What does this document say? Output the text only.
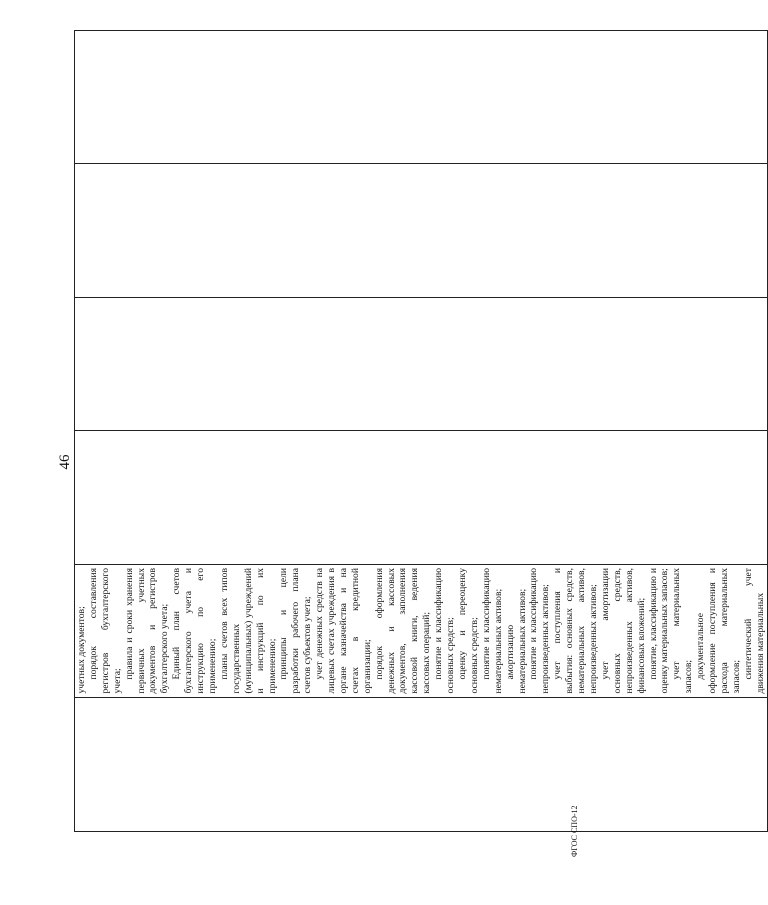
46

учетных документов; порядок составления регистров бухгалтерского учета;

правила и сроки хранения первичных учетных документов и регистров бухгалтерского учета; Единый план счетов бухгалтерского учета и инструкцию по его применению; планы счетов всех типов государственных (муниципальных) учреждений и инструкций по их применению; принципы и цели разработки рабочего плана счетов субъектов учета; учет денежных средств на лицевых счетах учреждения в органе казначейства и на счетах в кредитной организации; порядок оформления денежных и кассовых документов, заполнения кассовой книги, ведения кассовых операций; понятие и классификацию основных средств; оценку и переоценку основных средств; понятие и классификацию нематериальных активов; амортизацию нематериальных активов; понятие и классификацию непроизведенных активов; учет поступления и выбытия: основных средств, нематериальных активов, непроизведенных активов; учет амортизации основных средств, непроизведенных активов, финансовых вложений; понятие, классификацию и оценку материальных запасов; учет материальных запасов; документальное оформление поступления и расхода материальных запасов; синтетический учет движения материальных

ФГОС СПО-12
